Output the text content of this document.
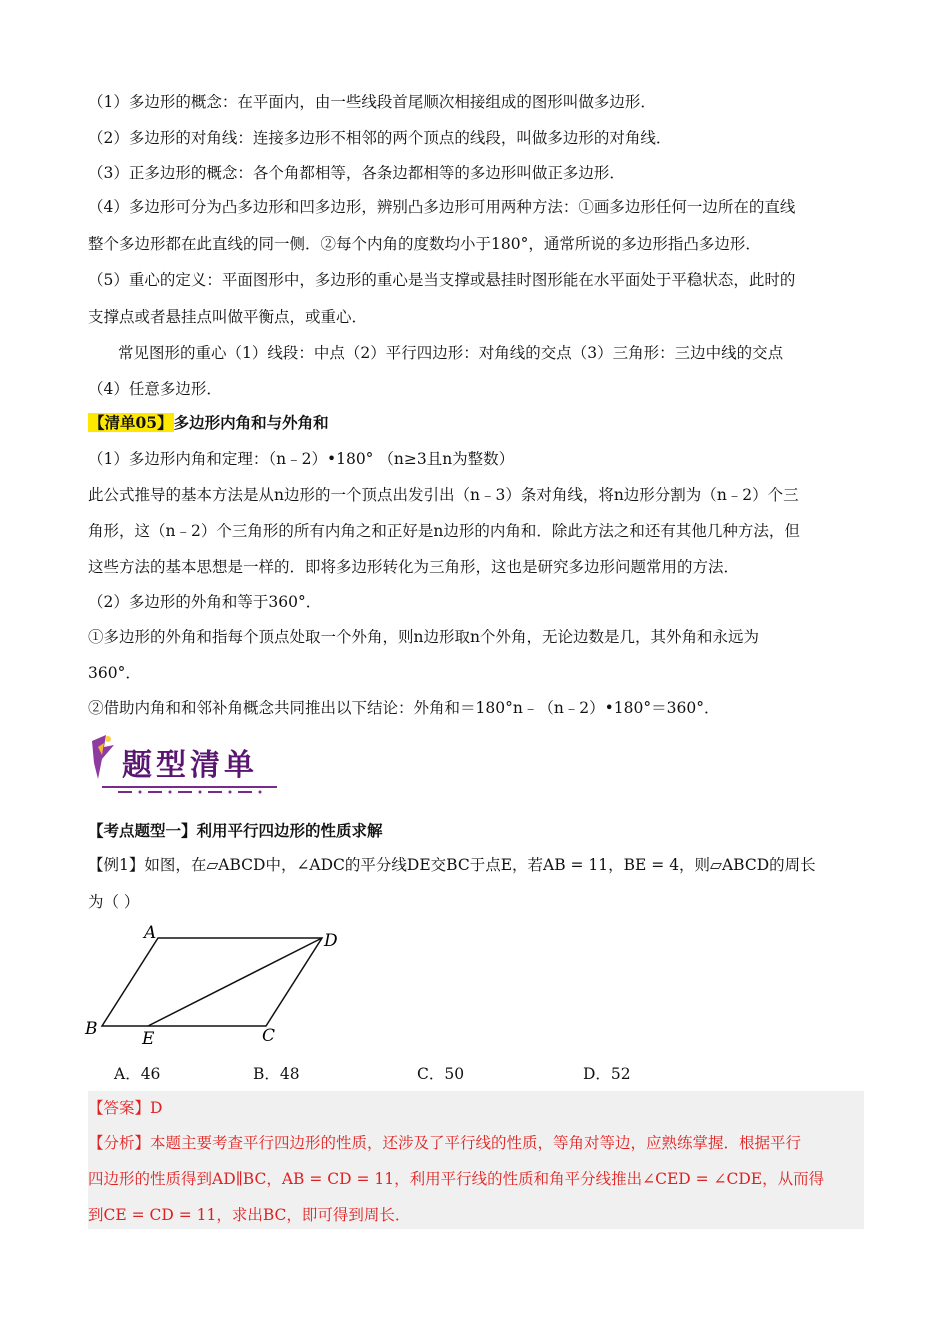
（1）多边形的概念：在平面内，由一些线段首尾顺次相接组成的图形叫做多边形．
（2）多边形的对角线：连接多边形不相邻的两个顶点的线段，叫做多边形的对角线．
（3）正多边形的概念：各个角都相等，各条边都相等的多边形叫做正多边形．
（4）多边形可分为凸多边形和凹多边形，辨别凸多边形可用两种方法：①画多边形任何一边所在的直线
整个多边形都在此直线的同一侧．②每个内角的度数均小于180°，通常所说的多边形指凸多边形．
（5）重心的定义：平面图形中，多边形的重心是当支撑或悬挂时图形能在水平面处于平稳状态，此时的
支撑点或者悬挂点叫做平衡点，或重心．
常见图形的重心（1）线段：中点（2）平行四边形：对角线的交点（3）三角形：三边中线的交点
（4）任意多边形．
【清单05】多边形内角和与外角和
（1）多边形内角和定理：（n﹣2）•180° （n≥3且n为整数）
此公式推导的基本方法是从n边形的一个顶点出发引出（n﹣3）条对角线，将n边形分割为（n﹣2）个三
角形，这（n﹣2）个三角形的所有内角之和正好是n边形的内角和．除此方法之和还有其他几种方法，但
这些方法的基本思想是一样的．即将多边形转化为三角形，这也是研究多边形问题常用的方法．
（2）多边形的外角和等于360°．
①多边形的外角和指每个顶点处取一个外角，则n边形取n个外角，无论边数是几，其外角和永远为
360°．
②借助内角和和邻补角概念共同推出以下结论：外角和＝180°n﹣（n﹣2）•180°＝360°．
题型清单
【考点题型一】利用平行四边形的性质求解
【例1】如图，在▱ABCD中，∠ADC的平分线DE交BC于点E，若AB = 11，BE = 4，则▱ABCD的周长
为（ ）
A	D
B	E	C
A．46	B．48	C．50	D．52
【答案】D
【分析】本题主要考查平行四边形的性质，还涉及了平行线的性质，等角对等边，应熟练掌握．根据平行
四边形的性质得到AD∥BC，AB = CD = 11，利用平行线的性质和角平分线推出∠CED = ∠CDE，从而得
到CE = CD = 11，求出BC，即可得到周长．
